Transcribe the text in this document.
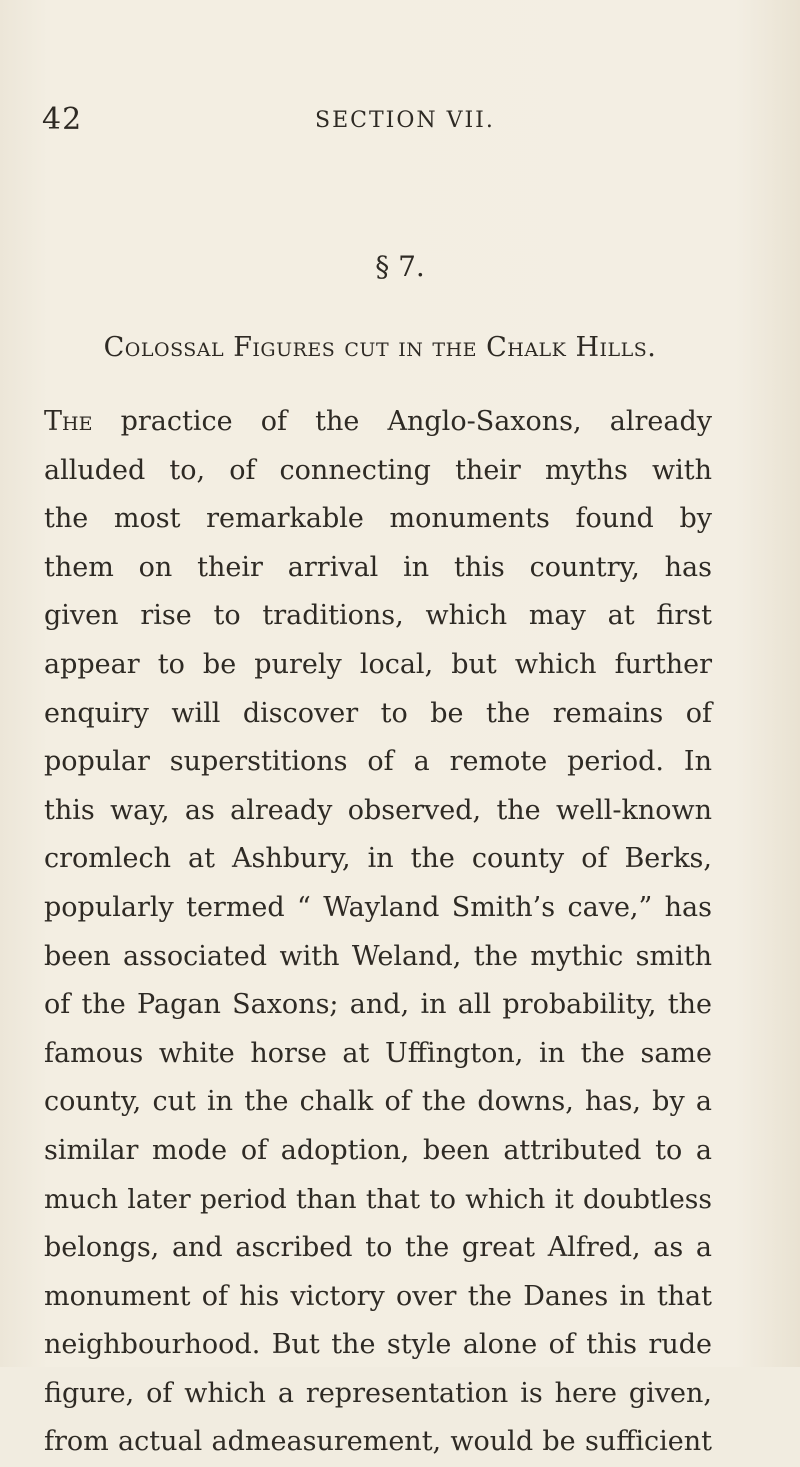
42	SECTION VII.
§ 7.
Colossal Figures cut in the Chalk Hills.
The practice of the Anglo-Saxons, already
alluded to, of connecting their myths with
the most remarkable monuments found by
them on their arrival in this country, has
given rise to traditions, which may at first
appear to be purely local, but which further
enquiry will discover to be the remains of
popular superstitions of a remote period. In
this way, as already observed, the well-known
cromlech at Ashbury, in the county of Berks,
popularly termed “ Wayland Smith’s cave,” has
been associated with Weland, the mythic smith
of the Pagan Saxons; and, in all probability, the
famous white horse at Uffington, in the same
county, cut in the chalk of the downs, has, by a
similar mode of adoption, been attributed to a
much later period than that to which it doubtless
belongs, and ascribed to the great Alfred, as a
monument of his victory over the Danes in that
neighbourhood. But the style alone of this rude
figure, of which a representation is here given,
from actual admeasurement, would be sufficient
